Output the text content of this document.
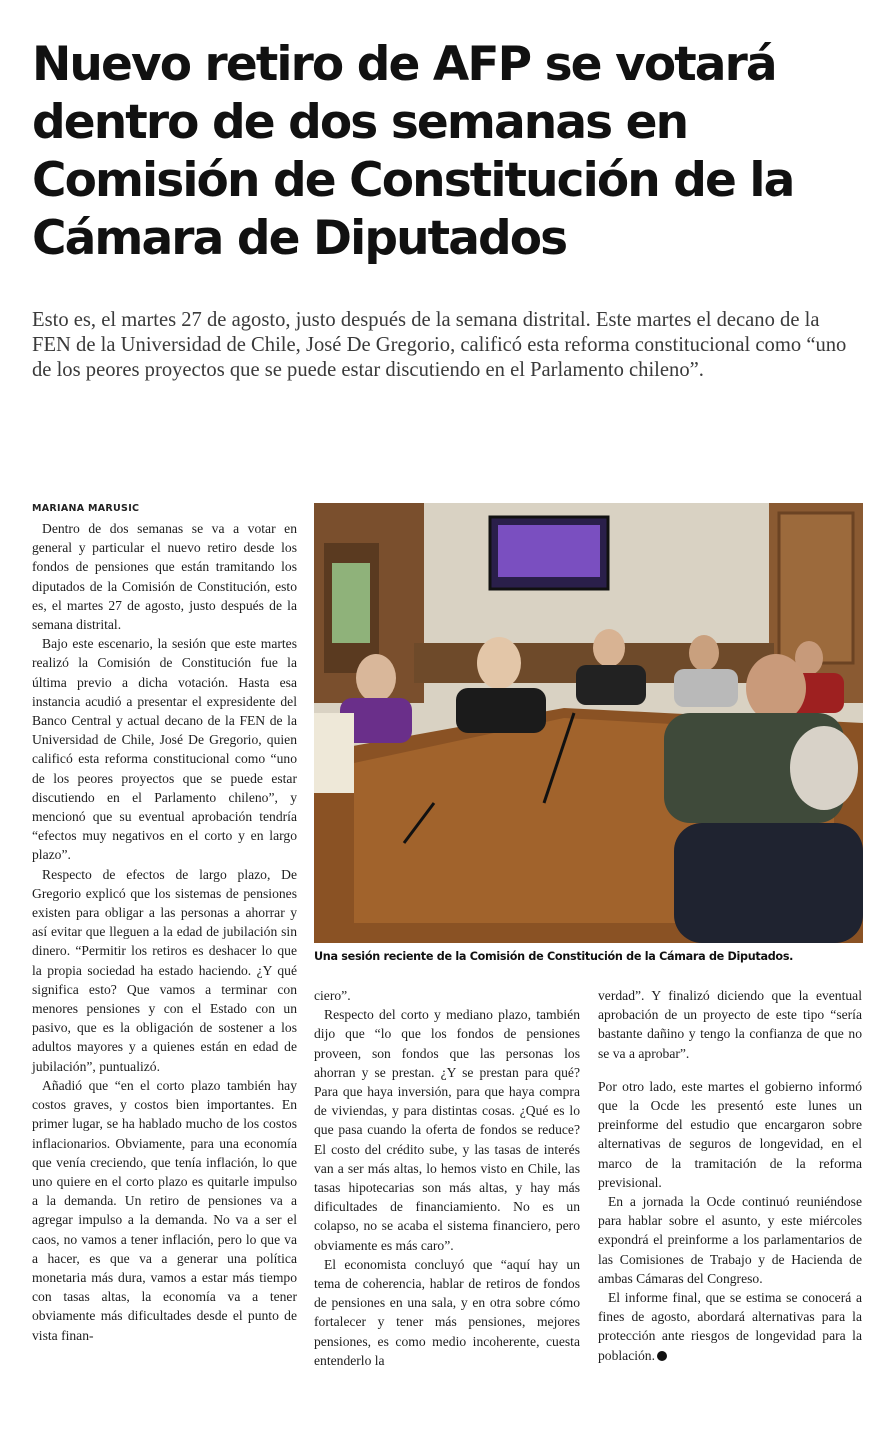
Nuevo retiro de AFP se votará dentro de dos semanas en Comisión de Constitución de la Cámara de Diputados

Esto es, el martes 27 de agosto, justo después de la semana distrital. Este martes el decano de la FEN de la Universidad de Chile, José De Gregorio, calificó esta reforma constitucional como “uno de los peores proyectos que se puede estar discutiendo en el Parlamento chileno”.

MARIANA MARUSIC

Dentro de dos semanas se va a votar en general y particular el nuevo retiro desde los fondos de pensiones que están tramitando los diputados de la Comisión de Constitución, esto es, el martes 27 de agosto, justo después de la semana distrital.

Bajo este escenario, la sesión que este martes realizó la Comisión de Constitución fue la última previo a dicha votación. Hasta esa instancia acudió a presentar el expresidente del Banco Central y actual decano de la FEN de la Universidad de Chile, José De Gregorio, quien calificó esta reforma constitucional como “uno de los peores proyectos que se puede estar discutiendo en el Parlamento chileno”, y mencionó que su eventual aprobación tendría “efectos muy negativos en el corto y en largo plazo”.

Respecto de efectos de largo plazo, De Gregorio explicó que los sistemas de pensiones existen para obligar a las personas a ahorrar y así evitar que lleguen a la edad de jubilación sin dinero. “Permitir los retiros es deshacer lo que la propia sociedad ha estado haciendo. ¿Y qué significa esto? Que vamos a terminar con menores pensiones y con el Estado con un pasivo, que es la obligación de sostener a los adultos mayores y a quienes están en edad de jubilación”, puntualizó.

Añadió que “en el corto plazo también hay costos graves, y costos bien importantes. En primer lugar, se ha hablado mucho de los costos inflacionarios. Obviamente, para una economía que venía creciendo, que tenía inflación, lo que uno quiere en el corto plazo es quitarle impulso a la demanda. Un retiro de pensiones va a agregar impulso a la demanda. No va a ser el caos, no vamos a tener inflación, pero lo que va a hacer, es que va a generar una política monetaria más dura, vamos a estar más tiempo con tasas altas, la economía va a tener obviamente más dificultades desde el punto de vista finan-

Una sesión reciente de la Comisión de Constitución de la Cámara de Diputados.

ciero”.

Respecto del corto y mediano plazo, también dijo que “lo que los fondos de pensiones proveen, son fondos que las personas los ahorran y se prestan. ¿Y se prestan para qué? Para que haya inversión, para que haya compra de viviendas, y para distintas cosas. ¿Qué es lo que pasa cuando la oferta de fondos se reduce? El costo del crédito sube, y las tasas de interés van a ser más altas, lo hemos visto en Chile, las tasas hipotecarias son más altas, y hay más dificultades de financiamiento. No es un colapso, no se acaba el sistema financiero, pero obviamente es más caro”.

El economista concluyó que “aquí hay un tema de coherencia, hablar de retiros de fondos de pensiones en una sala, y en otra sobre cómo fortalecer y tener más pensiones, mejores pensiones, es como medio incoherente, cuesta entenderlo la

verdad”. Y finalizó diciendo que la eventual aprobación de un proyecto de este tipo “sería bastante dañino y tengo la confianza de que no se va a aprobar”.

Por otro lado, este martes el gobierno informó que la Ocde les presentó este lunes un preinforme del estudio que encargaron sobre alternativas de seguros de longevidad, en el marco de la tramitación de la reforma previsional.

En a jornada la Ocde continuó reuniéndose para hablar sobre el asunto, y este miércoles expondrá el preinforme a los parlamentarios de las Comisiones de Trabajo y de Hacienda de ambas Cámaras del Congreso.

El informe final, que se estima se conocerá a fines de agosto, abordará alternativas para la protección ante riesgos de longevidad para la población.
